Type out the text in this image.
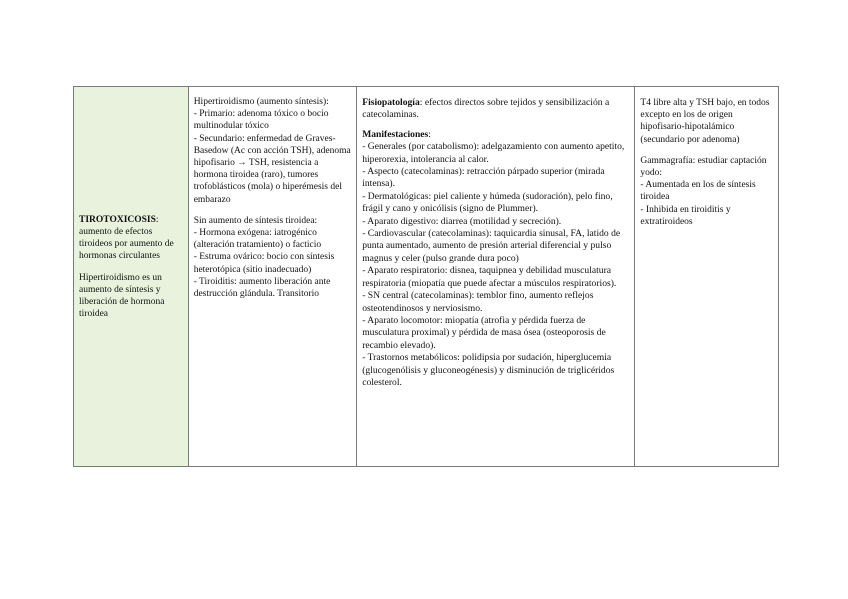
TIROTOXICOSIS: aumento de efectos tiroideos por aumento de hormonas circulantes
Hipertiroidismo es un aumento de síntesis y liberación de hormona tiroidea
Hipertiroidismo (aumento síntesis):
- Primario: adenoma tóxico o bocio multinodular tóxico
- Secundario: enfermedad de Graves-Basedow (Ac con acción TSH), adenoma hipofisario → TSH, resistencia a hormona tiroidea (raro), tumores trofoblásticos (mola) o hiperémesis del embarazo
Sin aumento de síntesis tiroidea:
- Hormona exógena: iatrogénico (alteración tratamiento) o facticio
- Estruma ovárico: bocio con síntesis heterotópica (sitio inadecuado)
- Tiroiditis: aumento liberación ante destrucción glándula. Transitorio
Fisiopatología: efectos directos sobre tejidos y sensibilización a catecolaminas.
Manifestaciones:
- Generales (por catabolismo): adelgazamiento con aumento apetito, hiperorexia, intolerancia al calor.
- Aspecto (catecolaminas): retracción párpado superior (mirada intensa).
- Dermatológicas: piel caliente y húmeda (sudoración), pelo fino, frágil y cano y onicólisis (signo de Plummer).
- Aparato digestivo: diarrea (motilidad y secreción).
- Cardiovascular (catecolaminas): taquicardia sinusal, FA, latido de punta aumentado, aumento de presión arterial diferencial y pulso magnus y celer (pulso grande dura poco)
- Aparato respiratorio: disnea, taquipnea y debilidad musculatura respiratoria (miopatía que puede afectar a músculos respiratorios).
- SN central (catecolaminas): temblor fino, aumento reflejos osteotendinosos y nerviosismo.
- Aparato locomotor: miopatía (atrofia y pérdida fuerza de musculatura proximal) y pérdida de masa ósea (osteoporosis de recambio elevado).
- Trastornos metabólicos: polidipsia por sudación, hiperglucemia (glucogenólisis y gluconeogénesis) y disminución de triglicéridos colesterol.
T4 libre alta y TSH bajo, en todos excepto en los de origen hipofisario-hipotalámico (secundario por adenoma)
Gammagrafía: estudiar captación yodo:
- Aumentada en los de síntesis tiroidea
- Inhibida en tiroiditis y extratiroideos
